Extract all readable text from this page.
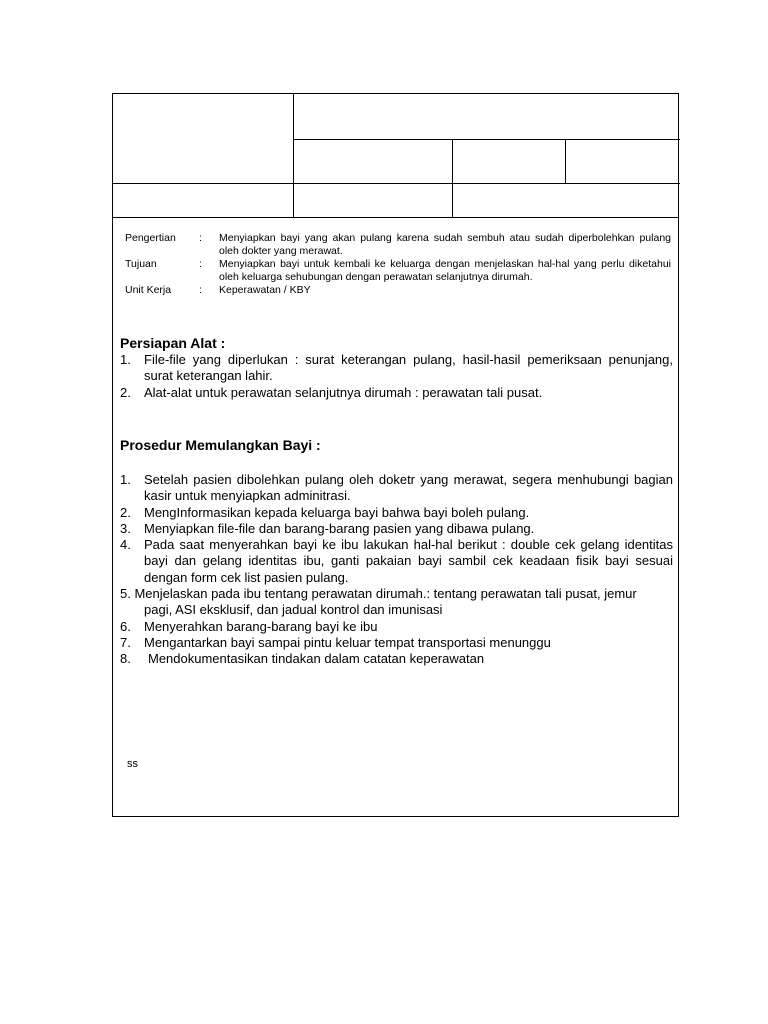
Pengertian	:	Menyiapkan bayi yang akan pulang karena sudah sembuh atau sudah diperbolehkan pulang oleh dokter yang merawat.
Tujuan	:	Menyiapkan bayi untuk kembali ke keluarga dengan menjelaskan hal-hal yang perlu diketahui oleh keluarga sehubungan dengan perawatan selanjutnya dirumah.
Unit Kerja	:	Keperawatan / KBY
Persiapan Alat :
1.	File-file yang diperlukan : surat keterangan pulang, hasil-hasil pemeriksaan penunjang, surat keterangan lahir.
2.	Alat-alat untuk perawatan selanjutnya dirumah : perawatan tali pusat.
Prosedur Memulangkan Bayi :
1.	Setelah pasien dibolehkan pulang oleh doketr yang merawat, segera menhubungi bagian kasir untuk menyiapkan adminitrasi.
2.	MengInformasikan kepada keluarga bayi bahwa bayi boleh pulang.
3.	Menyiapkan file-file dan barang-barang pasien yang dibawa pulang.
4.	Pada saat menyerahkan bayi ke ibu lakukan hal-hal berikut : double cek gelang identitas bayi dan gelang identitas ibu, ganti pakaian bayi sambil cek keadaan fisik bayi sesuai dengan form cek list pasien pulang.
5. Menjelaskan pada ibu tentang perawatan dirumah.: tentang perawatan tali pusat, jemur
pagi, ASI eksklusif, dan jadual kontrol dan imunisasi
6.	Menyerahkan barang-barang bayi ke ibu
7.	Mengantarkan bayi sampai pintu keluar tempat transportasi menunggu
8.	Mendokumentasikan tindakan dalam catatan keperawatan
ss
